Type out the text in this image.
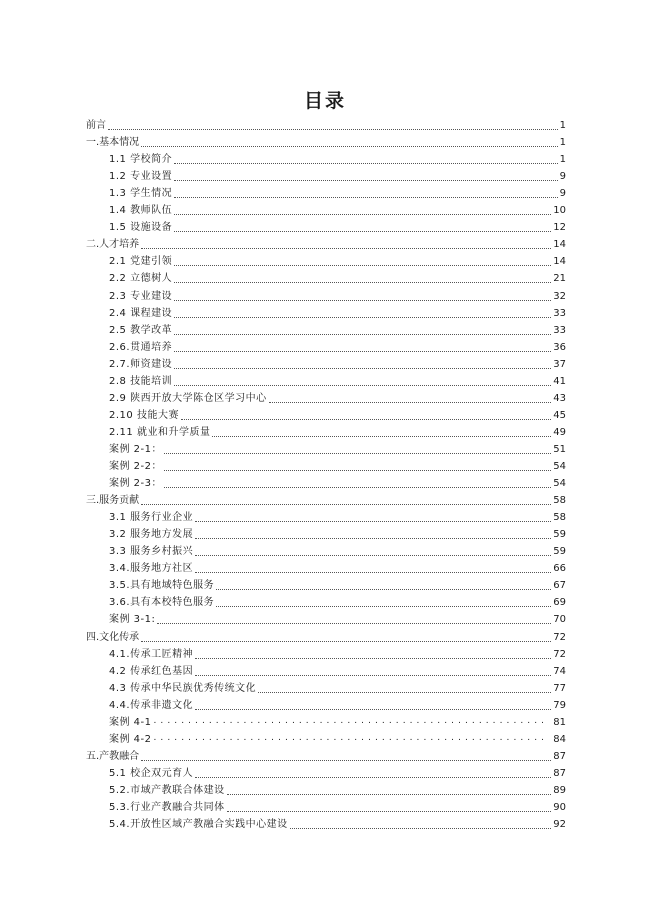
目录
前言	1
一.基本情况	1
1.1 学校简介	1
1.2 专业设置	9
1.3 学生情况	9
1.4 教师队伍	10
1.5 设施设备	12
二.人才培养	14
2.1 党建引领	14
2.2 立德树人	21
2.3 专业建设	32
2.4 课程建设	33
2.5 教学改革	33
2.6.贯通培养	36
2.7.师资建设	37
2.8 技能培训	41
2.9 陕西开放大学陈仓区学习中心	43
2.10 技能大赛	45
2.11 就业和升学质量	49
案例 2-1：	51
案例 2-2：	54
案例 2-3：	54
三.服务贡献	58
3.1 服务行业企业	58
3.2 服务地方发展	59
3.3 服务乡村振兴	59
3.4.服务地方社区	66
3.5.具有地域特色服务	67
3.6.具有本校特色服务	69
案例 3-1:	70
四.文化传承	72
4.1.传承工匠精神	72
4.2 传承红色基因	74
4.3 传承中华民族优秀传统文化	77
4.4.传承非遗文化	79
案例 4-1 . . .	81
案例 4-2 . . .	84
五.产教融合	87
5.1 校企双元育人	87
5.2.市域产教联合体建设	89
5.3.行业产教融合共同体	90
5.4.开放性区域产教融合实践中心建设	92
